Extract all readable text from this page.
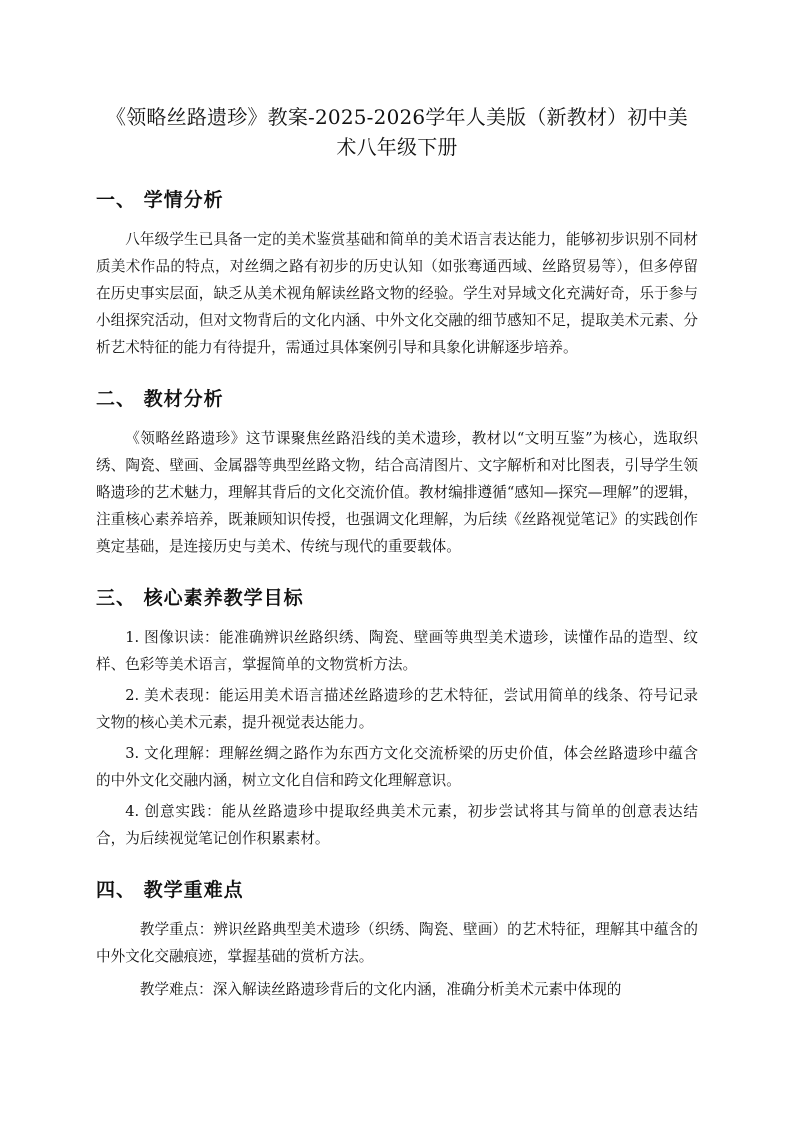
《领略丝路遗珍》教案-2025-2026学年人美版（新教材）初中美术八年级下册
一、 学情分析

八年级学生已具备一定的美术鉴赏基础和简单的美术语言表达能力，能够初步识别不同材质美术作品的特点，对丝绸之路有初步的历史认知（如张骞通西域、丝路贸易等），但多停留在历史事实层面，缺乏从美术视角解读丝路文物的经验。学生对异域文化充满好奇，乐于参与小组探究活动，但对文物背后的文化内涵、中外文化交融的细节感知不足，提取美术元素、分析艺术特征的能力有待提升，需通过具体案例引导和具象化讲解逐步培养。

二、 教材分析

《领略丝路遗珍》这节课聚焦丝路沿线的美术遗珍，教材以“文明互鉴”为核心，选取织绣、陶瓷、壁画、金属器等典型丝路文物，结合高清图片、文字解析和对比图表，引导学生领略遗珍的艺术魅力，理解其背后的文化交流价值。教材编排遵循“感知—探究—理解”的逻辑，注重核心素养培养，既兼顾知识传授，也强调文化理解，为后续《丝路视觉笔记》的实践创作奠定基础，是连接历史与美术、传统与现代的重要载体。

三、 核心素养教学目标

1. 图像识读：能准确辨识丝路织绣、陶瓷、壁画等典型美术遗珍，读懂作品的造型、纹样、色彩等美术语言，掌握简单的文物赏析方法。

2. 美术表现：能运用美术语言描述丝路遗珍的艺术特征，尝试用简单的线条、符号记录文物的核心美术元素，提升视觉表达能力。

3. 文化理解：理解丝绸之路作为东西方文化交流桥梁的历史价值，体会丝路遗珍中蕴含的中外文化交融内涵，树立文化自信和跨文化理解意识。

4. 创意实践：能从丝路遗珍中提取经典美术元素，初步尝试将其与简单的创意表达结合，为后续视觉笔记创作积累素材。

四、 教学重难点

教学重点：辨识丝路典型美术遗珍（织绣、陶瓷、壁画）的艺术特征，理解其中蕴含的中外文化交融痕迹，掌握基础的赏析方法。

教学难点：深入解读丝路遗珍背后的文化内涵，准确分析美术元素中体现的
